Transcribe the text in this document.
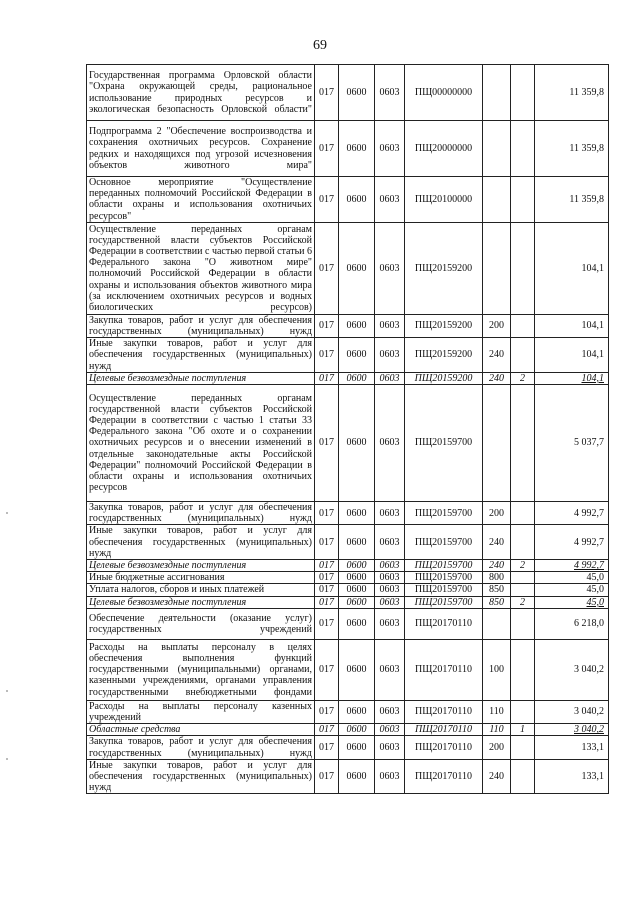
69
Государственная программа Орловской области "Охрана окружающей среды, рациональное использование природных ресурсов и экологическая безопасность Орловской области"	017	0600	0603	ПЩ00000000			11 359,8
Подпрограмма 2 "Обеспечение воспроизводства и сохранения охотничьих ресурсов. Сохранение редких и находящихся под угрозой исчезновения объектов животного мира"	017	0600	0603	ПЩ20000000			11 359,8
Основное мероприятие "Осуществление переданных полномочий Российской Федерации в области охраны и использования охотничьих ресурсов"	017	0600	0603	ПЩ20100000			11 359,8
Осуществление переданных органам государственной власти субъектов Российской Федерации в соответствии с частью первой статьи 6 Федерального закона "О животном мире" полномочий Российской Федерации в области охраны и использования объектов животного мира (за исключением охотничьих ресурсов и водных биологических ресурсов)	017	0600	0603	ПЩ20159200			104,1
Закупка товаров, работ и услуг для обеспечения государственных (муниципальных) нужд	017	0600	0603	ПЩ20159200	200		104,1
Иные закупки товаров, работ и услуг для обеспечения государственных (муниципальных) нужд	017	0600	0603	ПЩ20159200	240		104,1
Целевые безвозмездные поступления	017	0600	0603	ПЩ20159200	240	2	104,1
Осуществление переданных органам государственной власти субъектов Российской Федерации в соответствии с частью 1 статьи 33 Федерального закона "Об охоте и о сохранении охотничьих ресурсов и о внесении изменений в отдельные законодательные акты Российской Федерации" полномочий Российской Федерации в области охраны и использования охотничьих ресурсов	017	0600	0603	ПЩ20159700			5 037,7
Закупка товаров, работ и услуг для обеспечения государственных (муниципальных) нужд	017	0600	0603	ПЩ20159700	200		4 992,7
Иные закупки товаров, работ и услуг для обеспечения государственных (муниципальных) нужд	017	0600	0603	ПЩ20159700	240		4 992,7
Целевые безвозмездные поступления	017	0600	0603	ПЩ20159700	240	2	4 992,7
Иные бюджетные ассигнования	017	0600	0603	ПЩ20159700	800		45,0
Уплата налогов, сборов и иных платежей	017	0600	0603	ПЩ20159700	850		45,0
Целевые безвозмездные поступления	017	0600	0603	ПЩ20159700	850	2	45,0
Обеспечение деятельности (оказание услуг) государственных учреждений	017	0600	0603	ПЩ20170110			6 218,0
Расходы на выплаты персоналу в целях обеспечения выполнения функций государственными (муниципальными) органами, казенными учреждениями, органами управления государственными внебюджетными фондами	017	0600	0603	ПЩ20170110	100		3 040,2
Расходы на выплаты персоналу казенных учреждений	017	0600	0603	ПЩ20170110	110		3 040,2
Областные средства	017	0600	0603	ПЩ20170110	110	1	3 040,2
Закупка товаров, работ и услуг для обеспечения государственных (муниципальных) нужд	017	0600	0603	ПЩ20170110	200		133,1
Иные закупки товаров, работ и услуг для обеспечения государственных (муниципальных) нужд	017	0600	0603	ПЩ20170110	240		133,1
